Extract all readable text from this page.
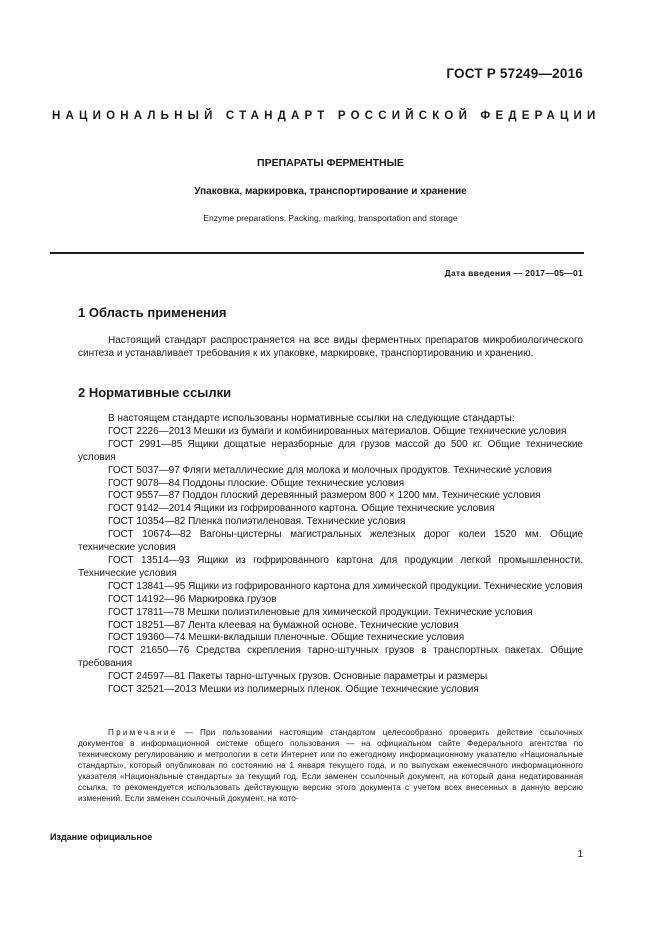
ГОСТ Р 57249—2016
НАЦИОНАЛЬНЫЙ СТАНДАРТ РОССИЙСКОЙ ФЕДЕРАЦИИ
ПРЕПАРАТЫ ФЕРМЕНТНЫЕ
Упаковка, маркировка, транспортирование и хранение
Enzyme preparations. Packing, marking, transportation and storage
Дата введения — 2017—05—01
1 Область применения
Настоящий стандарт распространяется на все виды ферментных препаратов микробиологического синтеза и устанавливает требования к их упаковке, маркировке, транспортированию и хранению.
2 Нормативные ссылки
В настоящем стандарте использованы нормативные ссылки на следующие стандарты:
ГОСТ 2226—2013 Мешки из бумаги и комбинированных материалов. Общие технические условия
ГОСТ 2991—85 Ящики дощатые неразборные для грузов массой до 500 кг. Общие технические условия
ГОСТ 5037—97 Фляги металлические для молока и молочных продуктов. Технические условия
ГОСТ 9078—84 Поддоны плоские. Общие технические условия
ГОСТ 9557—87 Поддон плоский деревянный размером 800 × 1200 мм. Технические условия
ГОСТ 9142—2014 Ящики из гофрированного картона. Общие технические условия
ГОСТ 10354—82 Пленка полиэтиленовая. Технические условия
ГОСТ 10674—82 Вагоны-цистерны магистральных железных дорог колеи 1520 мм. Общие технические условия
ГОСТ 13514—93 Ящики из гофрированного картона для продукции легкой промышленности. Технические условия
ГОСТ 13841—95 Ящики из гофрированного картона для химической продукции. Технические условия
ГОСТ 14192—96 Маркировка грузов
ГОСТ 17811—78 Мешки полиэтиленовые для химической продукции. Технические условия
ГОСТ 18251—87 Лента клеевая на бумажной основе. Технические условия
ГОСТ 19360—74 Мешки-вкладыши пленочные. Общие технические условия
ГОСТ 21650—76 Средства скрепления тарно-штучных грузов в транспортных пакетах. Общие требования
ГОСТ 24597—81 Пакеты тарно-штучных грузов. Основные параметры и размеры
ГОСТ 32521—2013 Мешки из полимерных пленок. Общие технические условия
Примечание — При пользовании настоящим стандартом целесообразно проверить действие ссылочных документов в информационной системе общего пользования — на официальном сайте Федерального агентства по техническому регулированию и метрологии в сети Интернет или по ежегодному информационному указателю «Национальные стандарты», который опубликован по состоянию на 1 января текущего года, и по выпускам ежемесячного информационного указателя «Национальные стандарты» за текущий год. Если заменен ссылочный документ, на который дана недатированная ссылка, то рекомендуется использовать действующую версию этого документа с учетом всех внесенных в данную версию изменений. Если заменен ссылочный документ, на кото-
Издание официальное
1
